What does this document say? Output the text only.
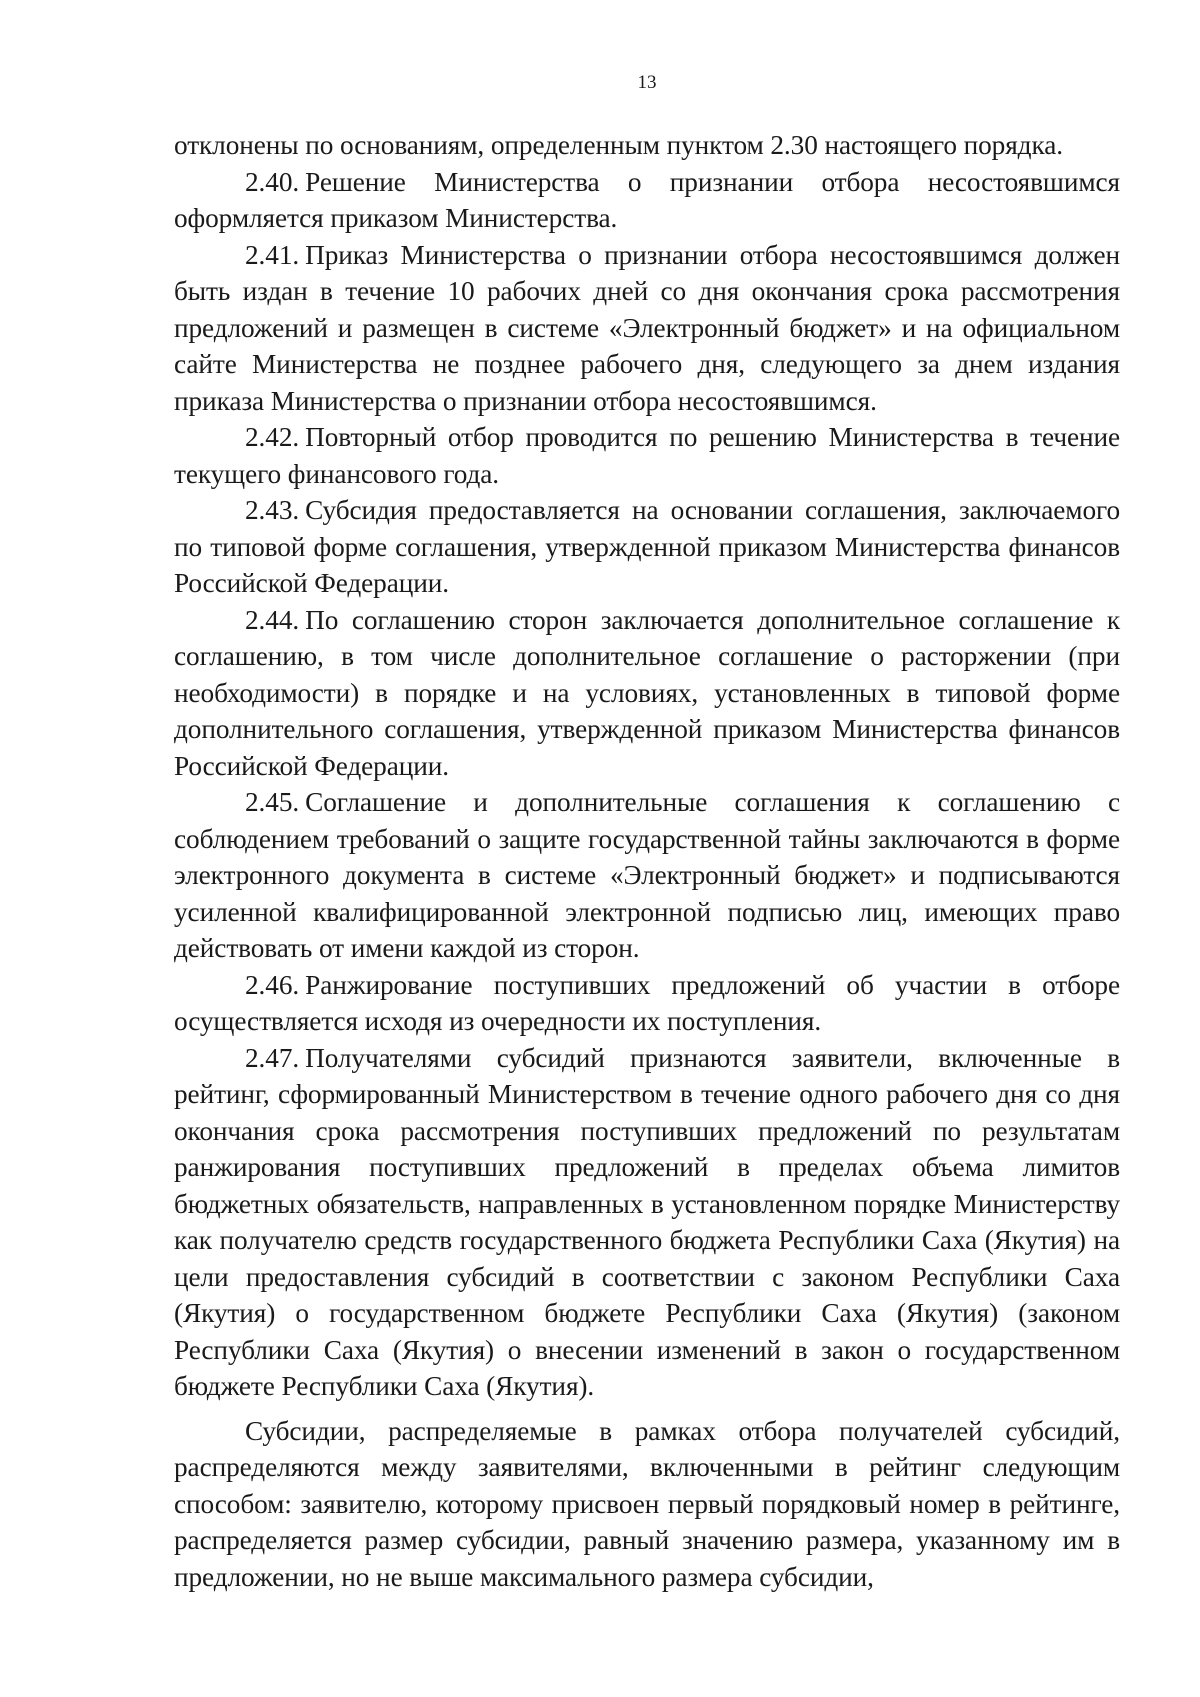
13

отклонены по основаниям, определенным пунктом 2.30 настоящего порядка.

2.40. Решение Министерства о признании отбора несостоявшимся оформляется приказом Министерства.

2.41. Приказ Министерства о признании отбора несостоявшимся должен быть издан в течение 10 рабочих дней со дня окончания срока рассмотрения предложений и размещен в системе «Электронный бюджет» и на официальном сайте Министерства не позднее рабочего дня, следующего за днем издания приказа Министерства о признании отбора несостоявшимся.

2.42. Повторный отбор проводится по решению Министерства в течение текущего финансового года.

2.43. Субсидия предоставляется на основании соглашения, заключаемого по типовой форме соглашения, утвержденной приказом Министерства финансов Российской Федерации.

2.44. По соглашению сторон заключается дополнительное соглашение к соглашению, в том числе дополнительное соглашение о расторжении (при необходимости) в порядке и на условиях, установленных в типовой форме дополнительного соглашения, утвержденной приказом Министерства финансов Российской Федерации.

2.45. Соглашение и дополнительные соглашения к соглашению с соблюдением требований о защите государственной тайны заключаются в форме электронного документа в системе «Электронный бюджет» и подписываются усиленной квалифицированной электронной подписью лиц, имеющих право действовать от имени каждой из сторон.

2.46. Ранжирование поступивших предложений об участии в отборе осуществляется исходя из очередности их поступления.

2.47. Получателями субсидий признаются заявители, включенные в рейтинг, сформированный Министерством в течение одного рабочего дня со дня окончания срока рассмотрения поступивших предложений по результатам ранжирования поступивших предложений в пределах объема лимитов бюджетных обязательств, направленных в установленном порядке Министерству как получателю средств государственного бюджета Республики Саха (Якутия) на цели предоставления субсидий в соответствии с законом Республики Саха (Якутия) о государственном бюджете Республики Саха (Якутия) (законом Республики Саха (Якутия) о внесении изменений в закон о государственном бюджете Республики Саха (Якутия).

Субсидии, распределяемые в рамках отбора получателей субсидий, распределяются между заявителями, включенными в рейтинг следующим способом: заявителю, которому присвоен первый порядковый номер в рейтинге, распределяется размер субсидии, равный значению размера, указанному им в предложении, но не выше максимального размера субсидии,
